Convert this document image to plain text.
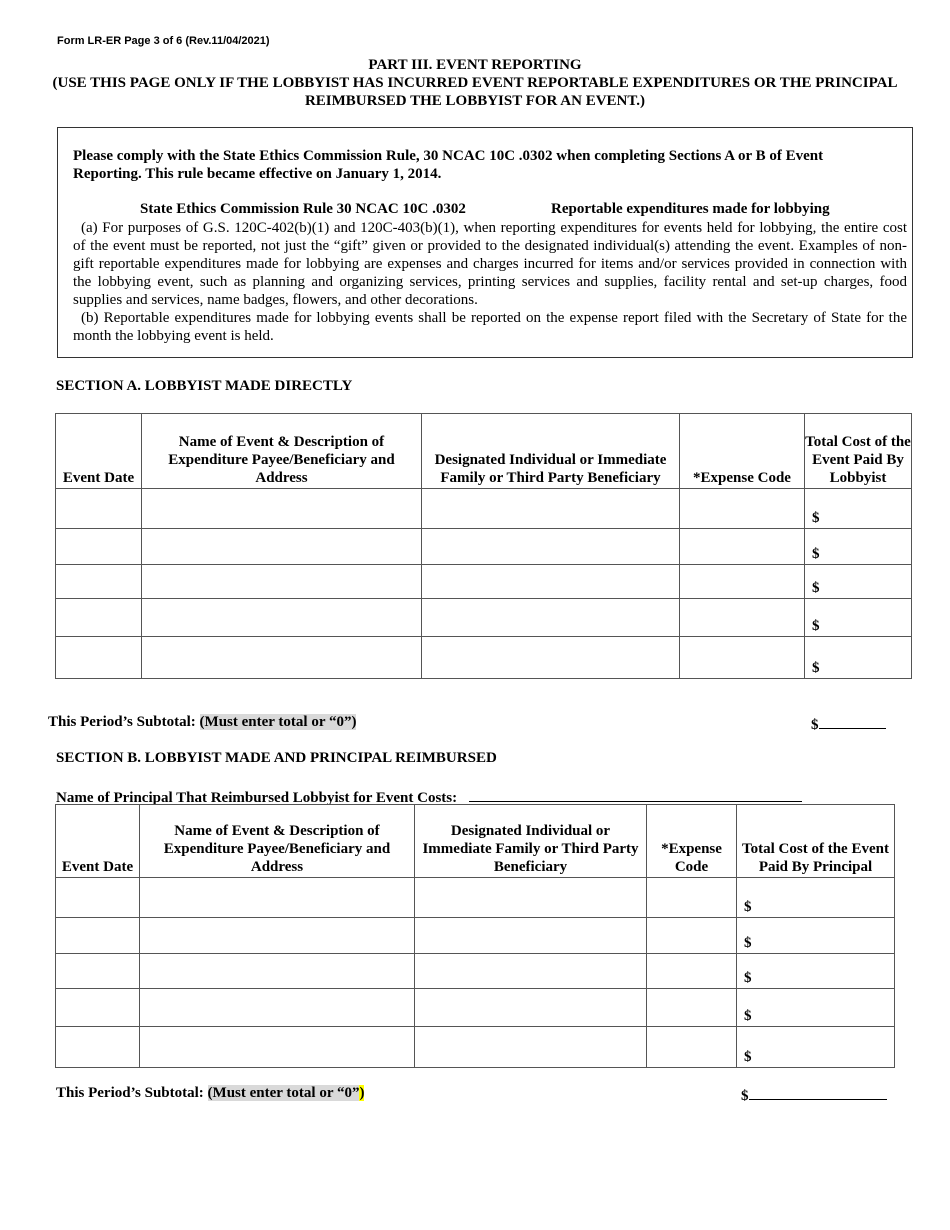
Form LR-ER Page 3 of 6 (Rev.11/04/2021)
PART III. EVENT REPORTING
(USE THIS PAGE ONLY IF THE LOBBYIST HAS INCURRED EVENT REPORTABLE EXPENDITURES OR THE PRINCIPAL REIMBURSED THE LOBBYIST FOR AN EVENT.)
Please comply with the State Ethics Commission Rule, 30 NCAC 10C .0302 when completing Sections A or B of Event Reporting. This rule became effective on January 1, 2014.
State Ethics Commission Rule 30 NCAC 10C .0302	Reportable expenditures made for lobbying

(a) For purposes of G.S. 120C-402(b)(1) and 120C-403(b)(1), when reporting expenditures for events held for lobbying, the entire cost of the event must be reported, not just the “gift” given or provided to the designated individual(s) attending the event. Examples of non-gift reportable expenditures made for lobbying are expenses and charges incurred for items and/or services provided in connection with the lobbying event, such as planning and organizing services, printing services and supplies, facility rental and set-up charges, food supplies and services, name badges, flowers, and other decorations.

(b) Reportable expenditures made for lobbying events shall be reported on the expense report filed with the Secretary of State for the month the lobbying event is held.

SECTION A. LOBBYIST MADE DIRECTLY
Event Date	Name of Event & Description of Expenditure Payee/Beneficiary and Address	Designated Individual or Immediate Family or Third Party Beneficiary	*Expense Code	Total Cost of the Event Paid By Lobbyist
				$
				$
				$
				$
				$
This Period’s Subtotal: (Must enter total or “0”)	$
SECTION B. LOBBYIST MADE AND PRINCIPAL REIMBURSED
Name of Principal That Reimbursed Lobbyist for Event Costs:
Event Date	Name of Event & Description of Expenditure Payee/Beneficiary and Address	Designated Individual or Immediate Family or Third Party Beneficiary	*Expense Code	Total Cost of the Event Paid By Principal
				$
				$
				$
				$
				$
This Period’s Subtotal: (Must enter total or “0”)	$
